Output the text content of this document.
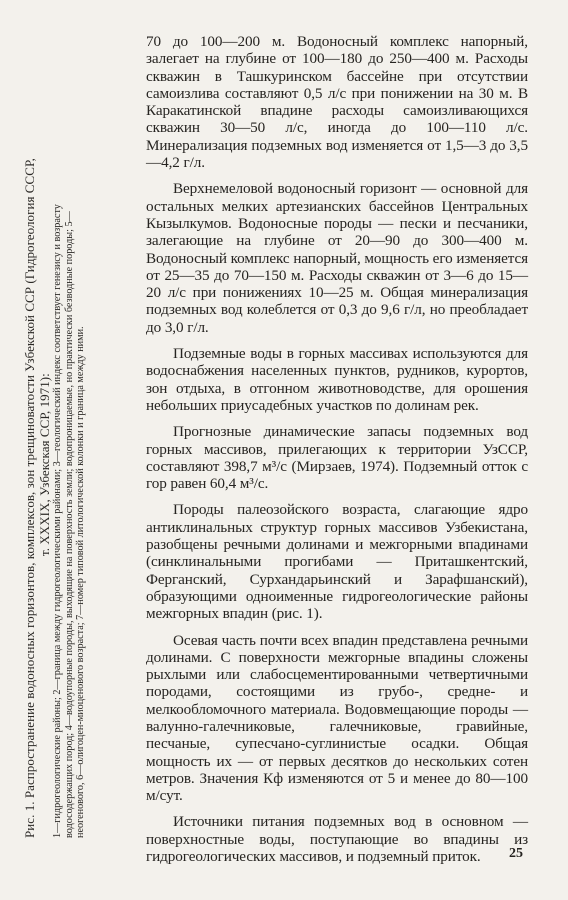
Рис. 1. Распространение водоносных горизонтов, комплексов, зон трещиноватости Узбекской ССР (Гидрогеология СССР, т. XXXIX, Узбекская ССР, 1971): 1—гидрогеологические районы; 2—граница между гидрогеологическими районами; 3—геологический индекс соответствует генезису и возрасту водосодержащих пород; 4—водоупорные породы, выходящие на поверхность земли; водопроницаемые, но практически безводные породы; 5— неогенового, 6—олигоцен-миоценового возраста; 7—номер типовой литологической колонки и граница между ними.

70 до 100—200 м. Водоносный комплекс напорный, залегает на глубине от 100—180 до 250—400 м. Расходы скважин в Ташкуринском бассейне при отсутствии самоизлива составляют 0,5 л/с при понижении на 30 м. В Каракатинской впадине расходы самоизливающихся скважин 30—50 л/с, иногда до 100—110 л/с. Минерализация подземных вод изменяется от 1,5—3 до 3,5—4,2 г/л.

Верхнемеловой водоносный горизонт — основной для остальных мелких артезианских бассейнов Центральных Кызылкумов. Водоносные породы — пески и песчаники, залегающие на глубине от 20—90 до 300—400 м. Водоносный комплекс напорный, мощность его изменяется от 25—35 до 70—150 м. Расходы скважин от 3—6 до 15—20 л/с при понижениях 10—25 м. Общая минерализация подземных вод колеблется от 0,3 до 9,6 г/л, но преобладает до 3,0 г/л.

Подземные воды в горных массивах используются для водоснабжения населенных пунктов, рудников, курортов, зон отдыха, в отгонном животноводстве, для орошения небольших приусадебных участков по долинам рек.

Прогнозные динамические запасы подземных вод горных массивов, прилегающих к территории УзССР, составляют 398,7 м³/с (Мирзаев, 1974). Подземный отток с гор равен 60,4 м³/с.

Породы палеозойского возраста, слагающие ядро антиклинальных структур горных массивов Узбекистана, разобщены речными долинами и межгорными впадинами (синклинальными прогибами — Приташкентский, Ферганский, Сурхандарьинский и Зарафшанский), образующими одноименные гидрогеологические районы межгорных впадин (рис. 1).

Осевая часть почти всех впадин представлена речными долинами. С поверхности межгорные впадины сложены рыхлыми или слабосцементированными четвертичными породами, состоящими из грубо-, средне- и мелкообломочного материала. Водовмещающие породы — валунно-галечниковые, галечниковые, гравийные, песчаные, супесчано-суглинистые осадки. Общая мощность их — от первых десятков до нескольких сотен метров. Значения Кф изменяются от 5 и менее до 80—100 м/сут.

Источники питания подземных вод в основном — поверхностные воды, поступающие во впадины из гидрогеологических массивов, и подземный приток.	25
